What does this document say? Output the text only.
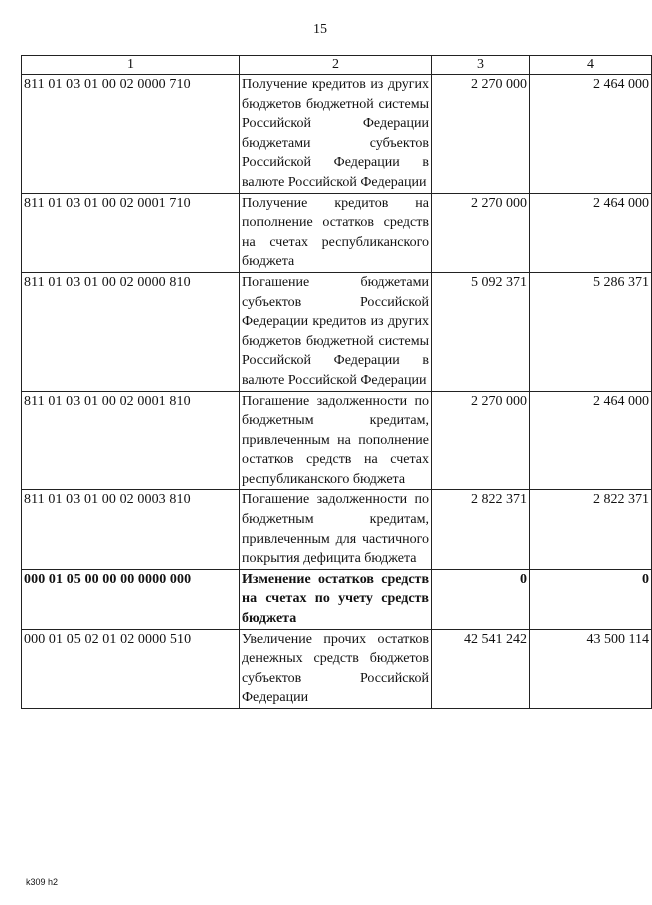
15
1	2	3	4
811 01 03 01 00 02 0000 710	Получение кредитов из других бюджетов бюджетной системы Российской Федерации бюджетами субъектов Российской Федерации в валюте Российской Федерации	2 270 000	2 464 000
811 01 03 01 00 02 0001 710	Получение кредитов на пополнение остатков средств на счетах республиканского бюджета	2 270 000	2 464 000
811 01 03 01 00 02 0000 810	Погашение бюджетами субъектов Российской Федерации кредитов из других бюджетов бюджетной системы Российской Федерации в валюте Российской Федерации	5 092 371	5 286 371
811 01 03 01 00 02 0001 810	Погашение задолженности по бюджетным кредитам, привлеченным на пополнение остатков средств на счетах республиканского бюджета	2 270 000	2 464 000
811 01 03 01 00 02 0003 810	Погашение задолженности по бюджетным кредитам, привлеченным для частичного покрытия дефицита бюджета	2 822 371	2 822 371
000 01 05 00 00 00 0000 000	Изменение остатков средств на счетах по учету средств бюджета	0	0
000 01 05 02 01 02 0000 510	Увеличение прочих остатков денежных средств бюджетов субъектов Российской Федерации	42 541 242	43 500 114
k309 h2
